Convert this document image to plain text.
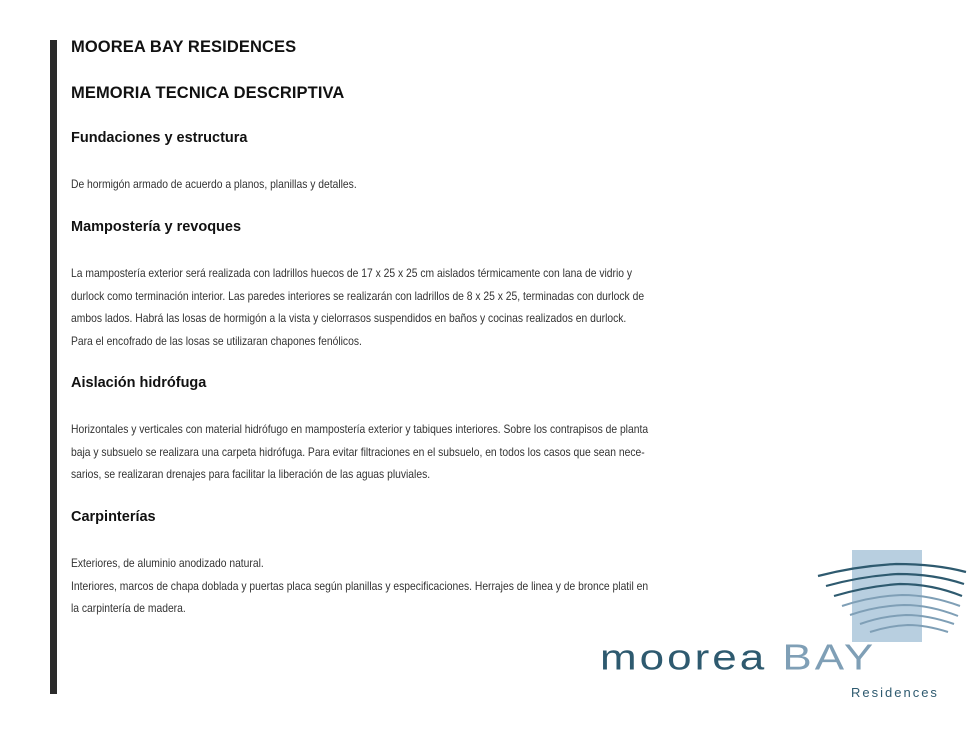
MOOREA BAY RESIDENCES
MEMORIA TECNICA DESCRIPTIVA
Fundaciones y estructura

De hormigón armado de acuerdo a planos, planillas y detalles.

Mampostería y revoques

La mampostería exterior será realizada con ladrillos huecos de 17 x 25 x 25 cm aislados térmicamente con lana de vidrio y
durlock como terminación interior. Las paredes interiores se realizarán con ladrillos de 8 x 25 x 25, terminadas con durlock de
ambos lados. Habrá las losas de hormigón a la vista y cielorrasos suspendidos en baños y cocinas realizados en durlock.
Para el encofrado de las losas se utilizaran chapones fenólicos.

Aislación hidrófuga

Horizontales y verticales con material hidrófugo en mampostería exterior y tabiques interiores. Sobre los contrapisos de planta
baja y subsuelo se realizara una carpeta hidrófuga. Para evitar filtraciones en el subsuelo, en todos los casos que sean nece-
sarios, se realizaran drenajes para facilitar la liberación de las aguas pluviales.

Carpinterías

Exteriores, de aluminio anodizado natural.
Interiores, marcos de chapa doblada y puertas placa según planillas y especificaciones. Herrajes de linea y de bronce platil en
la carpintería de madera.

moorea BAY
Residences
